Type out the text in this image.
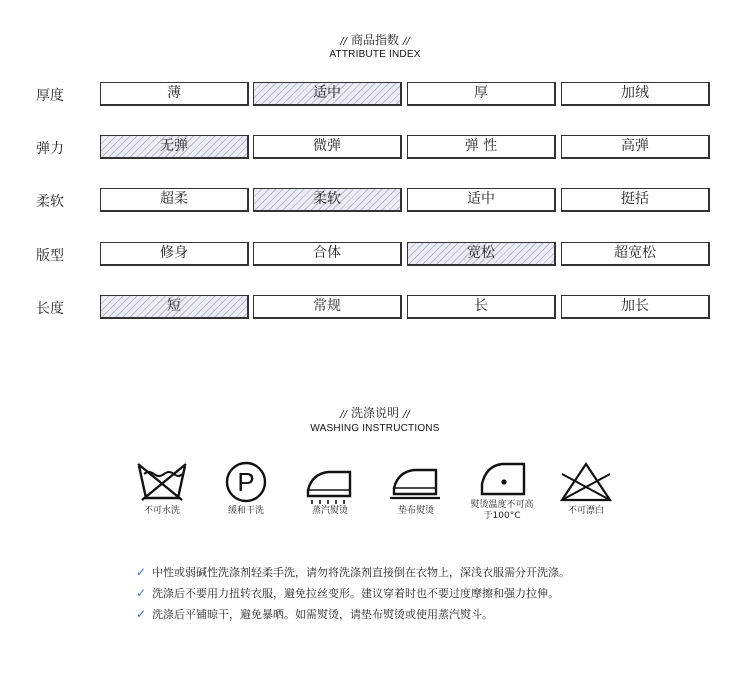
// 商品指数 //
ATTRIBUTE INDEX
厚度	薄	适中	厚	加绒
弹力	无弹	微弹	弹 性	高弹
柔软	超柔	柔软	适中	挺括
版型	修身	合体	宽松	超宽松
长度	短	常规	长	加长
// 洗涤说明 //
WASHING INSTRUCTIONS
不可水洗
P
缓和干洗	蒸汽熨烫	垫布熨烫
熨烫温度不可高于100°C	不可漂白
✓ 中性或弱碱性洗涤剂轻柔手洗，请勿将洗涤剂直接倒在衣物上，深浅衣服需分开洗涤。
✓ 洗涤后不要用力扭转衣服，避免拉丝变形。建议穿着时也不要过度摩擦和强力拉伸。
✓ 洗涤后平铺晾干，避免暴晒。如需熨烫，请垫布熨烫或使用蒸汽熨斗。
